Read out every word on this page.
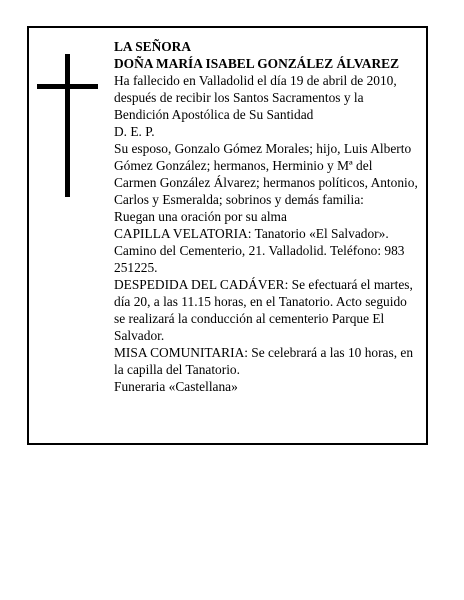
LA SEÑORA

DOÑA MARÍA ISABEL GONZÁLEZ ÁLVAREZ

Ha fallecido en Valladolid el día 19 de abril de 2010, después de recibir los Santos Sacramentos y la Bendición Apostólica de Su Santidad

D. E. P.

Su esposo, Gonzalo Gómez Morales; hijo, Luis Alberto Gómez González; hermanos, Herminio y Mª del Carmen González Álvarez; hermanos políticos, Antonio, Carlos y Esmeralda; sobrinos y demás familia:

Ruegan una oración por su alma

CAPILLA VELATORIA: Tanatorio «El Salvador». Camino del Cementerio, 21. Valladolid. Teléfono: 983 251225.

DESPEDIDA DEL CADÁVER: Se efectuará el martes, día 20, a las 11.15 horas, en el Tanatorio. Acto seguido se realizará la conducción al cementerio Parque El Salvador.

MISA COMUNITARIA: Se celebrará a las 10 horas, en la capilla del Tanatorio.

Funeraria «Castellana»
